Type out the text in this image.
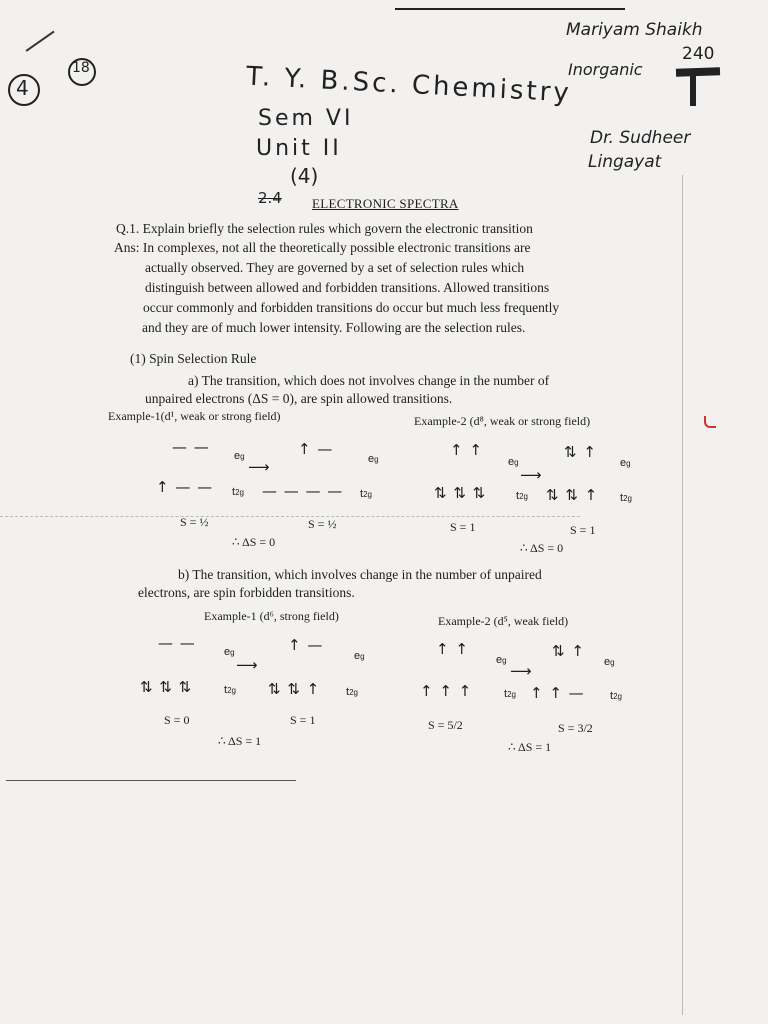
4
18
Mariyam Shaikh
240
Inorganic
T. Y. B.Sc. Chemistry
Sem VI
Unit II
(4)
Dr. Sudheer
Lingayat
2.4 ELECTRONIC SPECTRA
Q.1. Explain briefly the selection rules which govern the electronic transition
Ans: In complexes, not all the theoretically possible electronic transitions are
actually observed. They are governed by a set of selection rules which
distinguish between allowed and forbidden transitions. Allowed transitions
occur commonly and forbidden transitions do occur but much less frequently
and they are of much lower intensity. Following are the selection rules.
(1) Spin Selection Rule
a) The transition, which does not involves change in the number of
unpaired electrons (ΔS = 0), are spin allowed transitions.
Example-1(d¹, weak or strong field)	Example-2 (d⁸, weak or strong field)
— — eg
⟶
↑ —
eg
↑ — — t2g — — — — t2g
S = ½	S = ½
∴ ΔS = 0
↑ ↑
eg
⟶
⇅ ↑
eg
⇅ ⇅ ⇅	t2g ⇅ ⇅ ↑ t2g
S = 1	S = 1
∴ ΔS = 0
b) The transition, which involves change in the number of unpaired
electrons, are spin forbidden transitions.
Example-1 (d⁶, strong field)	Example-2 (d⁵, weak field)
— —	eg
⟶
↑ —
eg
⇅ ⇅ ⇅	t2g ⇅ ⇅ ↑ t2g
S = 0	S = 1
∴ ΔS = 1
↑ ↑
eg
⟶
⇅ ↑
eg
↑ ↑ ↑	t2g ↑ ↑ — t2g
S = 5/2	S = 3/2
∴ ΔS = 1
